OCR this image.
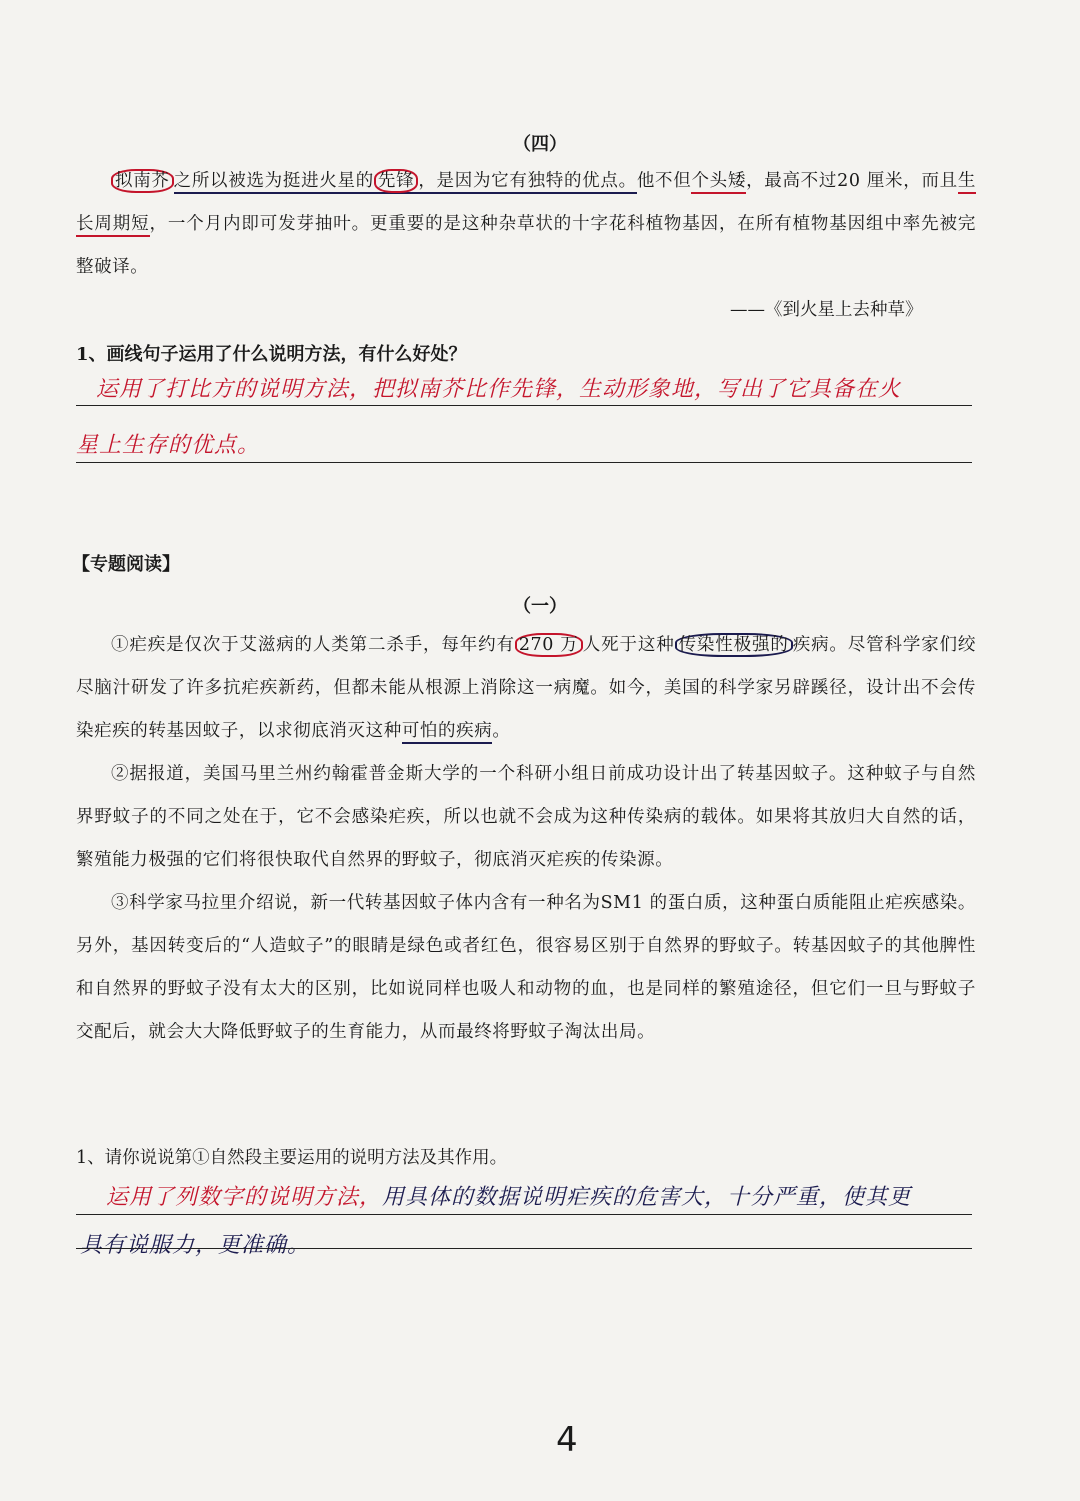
（四）

拟南芥 之所以被选为挺进火星的 先锋 ，是因为它有独特的优点。他不但个头矮，最高不过20 厘米，而且生长周期短，一个月内即可发芽抽叶。更重要的是这种杂草状的十字花科植物基因，在所有植物基因组中率先被完整破译。

——《到火星上去种草》
1、画线句子运用了什么说明方法，有什么好处？
运用了打比方的说明方法，把拟南芥比作先锋，生动形象地，写出了它具备在火
星上生存的优点。
【专题阅读】
（一）

①疟疾是仅次于艾滋病的人类第二杀手，每年约有 270 万 人死于这种 传染性极强的 疾病。尽管科学家们绞尽脑汁研发了许多抗疟疾新药，但都未能从根源上消除这一病魔。如今，美国的科学家另辟蹊径，设计出不会传染疟疾的转基因蚊子，以求彻底消灭这种可怕的疾病。

②据报道，美国马里兰州约翰霍普金斯大学的一个科研小组日前成功设计出了转基因蚊子。这种蚊子与自然界野蚊子的不同之处在于，它不会感染疟疾，所以也就不会成为这种传染病的载体。如果将其放归大自然的话，繁殖能力极强的它们将很快取代自然界的野蚊子，彻底消灭疟疾的传染源。

③科学家马拉里介绍说，新一代转基因蚊子体内含有一种名为SM1 的蛋白质，这种蛋白质能阻止疟疾感染。另外，基因转变后的“人造蚊子”的眼睛是绿色或者红色，很容易区别于自然界的野蚊子。转基因蚊子的其他脾性和自然界的野蚊子没有太大的区别，比如说同样也吸人和动物的血，也是同样的繁殖途径，但它们一旦与野蚊子交配后，就会大大降低野蚊子的生育能力，从而最终将野蚊子淘汰出局。

1、请你说说第①自然段主要运用的说明方法及其作用。
运用了列数字的说明方法，用具体的数据说明疟疾的危害大，十分严重，使其更
具有说服力，更准确。
4
